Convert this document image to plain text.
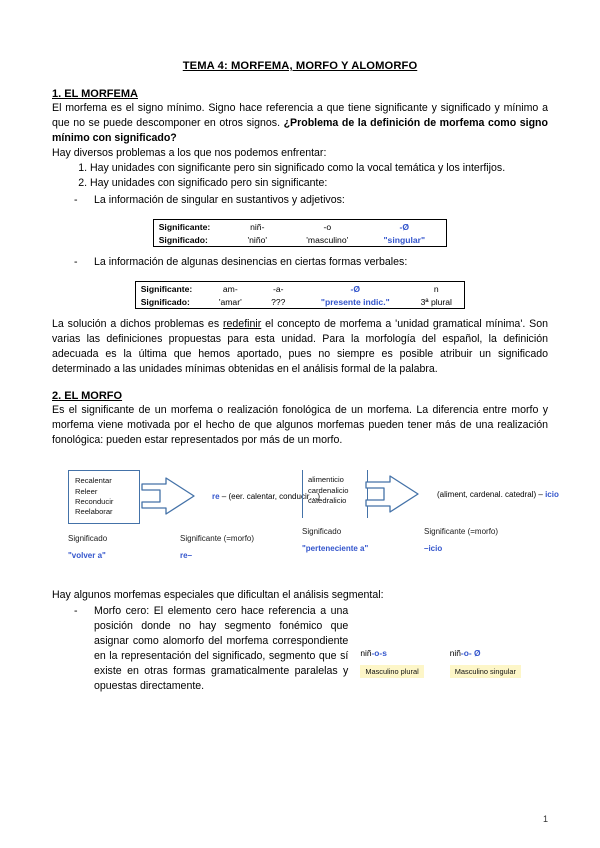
TEMA 4: MORFEMA, MORFO Y ALOMORFO
1. EL MORFEMA

El morfema es el signo mínimo. Signo hace referencia a que tiene significante y significado y mínimo a que no se puede descomponer en otros signos. ¿Problema de la definición de morfema como signo mínimo con significado?

Hay diversos problemas a los que nos podemos enfrentar:

1. Hay unidades con significante pero sin significado como la vocal temática y los interfijos.
2. Hay unidades con significado pero sin significante:
- La información de singular en sustantivos y adjetivos:
Significante:	niñ-	-o	-Ø
Significado:	'niño'	'masculino'	"singular"
- La información de algunas desinencias en ciertas formas verbales:
Significante:	am-	-a-	-Ø	n
Significado:	'amar'	???	"presente indic."	3ª plural

La solución a dichos problemas es redefinir el concepto de morfema a 'unidad gramatical mínima'. Son varias las definiciones propuestas para esta unidad. Para la morfología del español, la definición adecuada es la última que hemos aportado, pues no siempre es posible atribuir un significado determinado a las unidades mínimas obtenidas en el análisis formal de la palabra.

2. EL MORFO

Es el significante de un morfema o realización fonológica de un morfema. La diferencia entre morfo y morfema viene motivada por el hecho de que algunos morfemas pueden tener más de una realización fonológica: pueden estar representados por más de un morfo.

Recalentar
Releer
Reconducir
Reelaborar
re – (eer. calentar, conducir…)
alimenticio
cardenalicio
catedralicio
(aliment, cardenal. catedral) – icio
Significado
"volver a"
Significante (=morfo)
re–
Significado
"perteneciente a"
Significante (=morfo)
–icio

Hay algunos morfemas especiales que dificultan el análisis segmental:

- Morfo cero: El elemento cero hace referencia a una posición donde no hay segmento fonémico que asignar como alomorfo del morfema correspondiente en la representación del significado, segmento que sí existe en otras formas gramaticalmente paralelas y opuestas directamente.
niñ-o-s
Masculino plural
niñ-o- Ø
Masculino singular
1
